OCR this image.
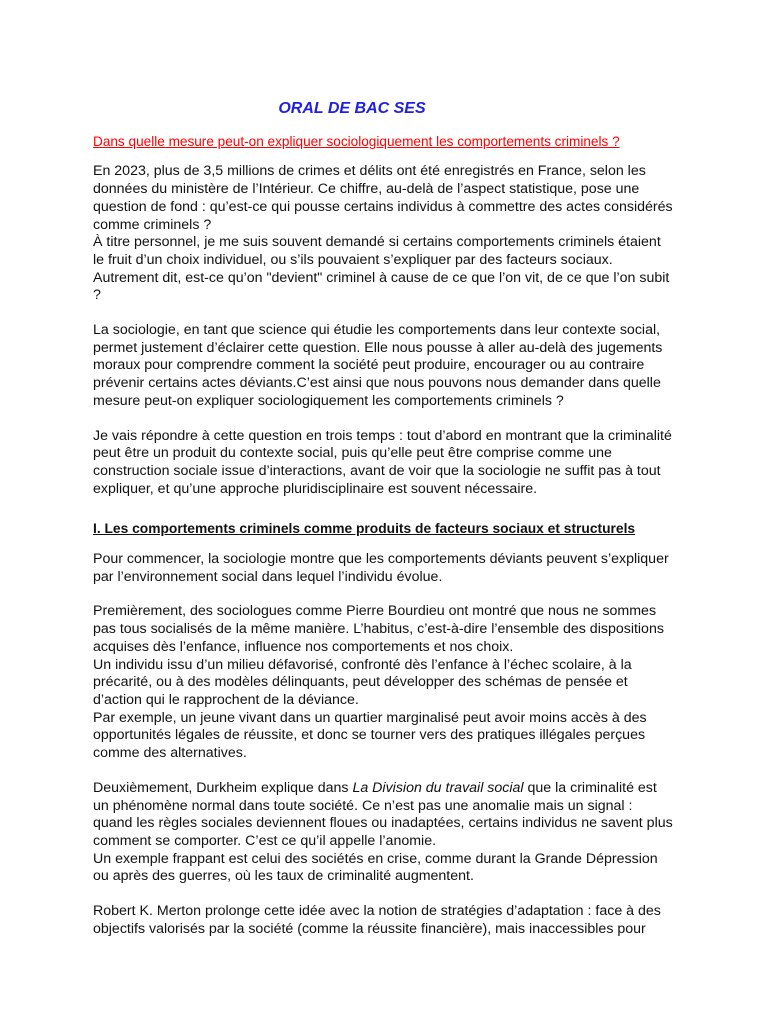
ORAL DE BAC SES
Dans quelle mesure peut-on expliquer sociologiquement les comportements criminels ?
En 2023, plus de 3,5 millions de crimes et délits ont été enregistrés en France, selon les données du ministère de l’Intérieur. Ce chiffre, au-delà de l’aspect statistique, pose une question de fond : qu’est-ce qui pousse certains individus à commettre des actes considérés comme criminels ?
À titre personnel, je me suis souvent demandé si certains comportements criminels étaient le fruit d’un choix individuel, ou s’ils pouvaient s’expliquer par des facteurs sociaux. Autrement dit, est-ce qu’on "devient" criminel à cause de ce que l’on vit, de ce que l’on subit ?
La sociologie, en tant que science qui étudie les comportements dans leur contexte social, permet justement d’éclairer cette question. Elle nous pousse à aller au-delà des jugements moraux pour comprendre comment la société peut produire, encourager ou au contraire prévenir certains actes déviants.C’est ainsi que nous pouvons nous demander dans quelle mesure peut-on expliquer sociologiquement les comportements criminels ?
Je vais répondre à cette question en trois temps : tout d’abord en montrant que la criminalité peut être un produit du contexte social, puis qu’elle peut être comprise comme une construction sociale issue d’interactions, avant de voir que la sociologie ne suffit pas à tout expliquer, et qu’une approche pluridisciplinaire est souvent nécessaire.
I. Les comportements criminels comme produits de facteurs sociaux et structurels
Pour commencer, la sociologie montre que les comportements déviants peuvent s’expliquer par l’environnement social dans lequel l’individu évolue.
Premièrement, des sociologues comme Pierre Bourdieu ont montré que nous ne sommes pas tous socialisés de la même manière. L’habitus, c’est-à-dire l’ensemble des dispositions acquises dès l’enfance, influence nos comportements et nos choix.
Un individu issu d’un milieu défavorisé, confronté dès l’enfance à l’échec scolaire, à la précarité, ou à des modèles délinquants, peut développer des schémas de pensée et d’action qui le rapprochent de la déviance.
Par exemple, un jeune vivant dans un quartier marginalisé peut avoir moins accès à des opportunités légales de réussite, et donc se tourner vers des pratiques illégales perçues comme des alternatives.
Deuxièmement, Durkheim explique dans La Division du travail social que la criminalité est un phénomène normal dans toute société. Ce n’est pas une anomalie mais un signal : quand les règles sociales deviennent floues ou inadaptées, certains individus ne savent plus comment se comporter. C’est ce qu’il appelle l’anomie.
Un exemple frappant est celui des sociétés en crise, comme durant la Grande Dépression ou après des guerres, où les taux de criminalité augmentent.
Robert K. Merton prolonge cette idée avec la notion de stratégies d’adaptation : face à des objectifs valorisés par la société (comme la réussite financière), mais inaccessibles pour
